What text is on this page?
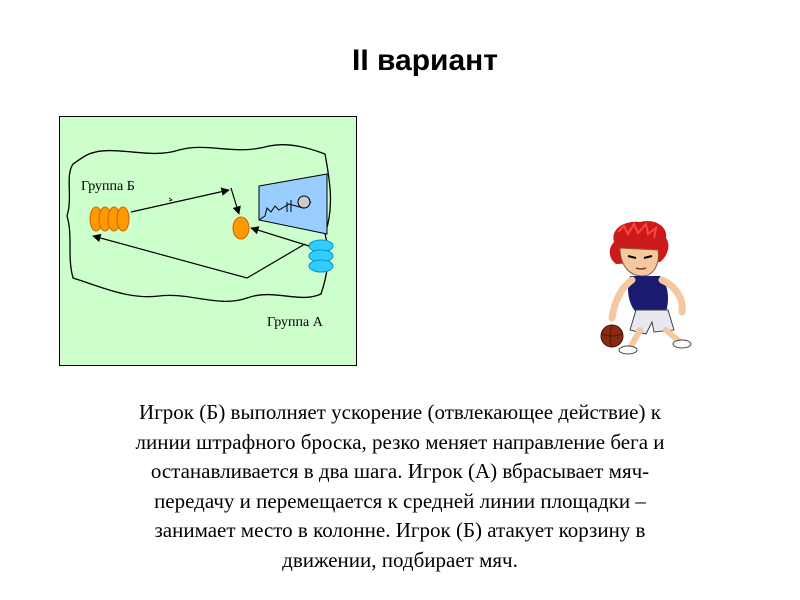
II вариант
Группа Б
Группа А
Игрок (Б) выполняет ускорение (отвлекающее действие) к
линии штрафного броска, резко меняет направление бега и
останавливается в два шага. Игрок (А) вбрасывает мяч-
передачу и перемещается к средней линии площадки –
занимает место в колонне. Игрок (Б) атакует корзину в
движении, подбирает мяч.
